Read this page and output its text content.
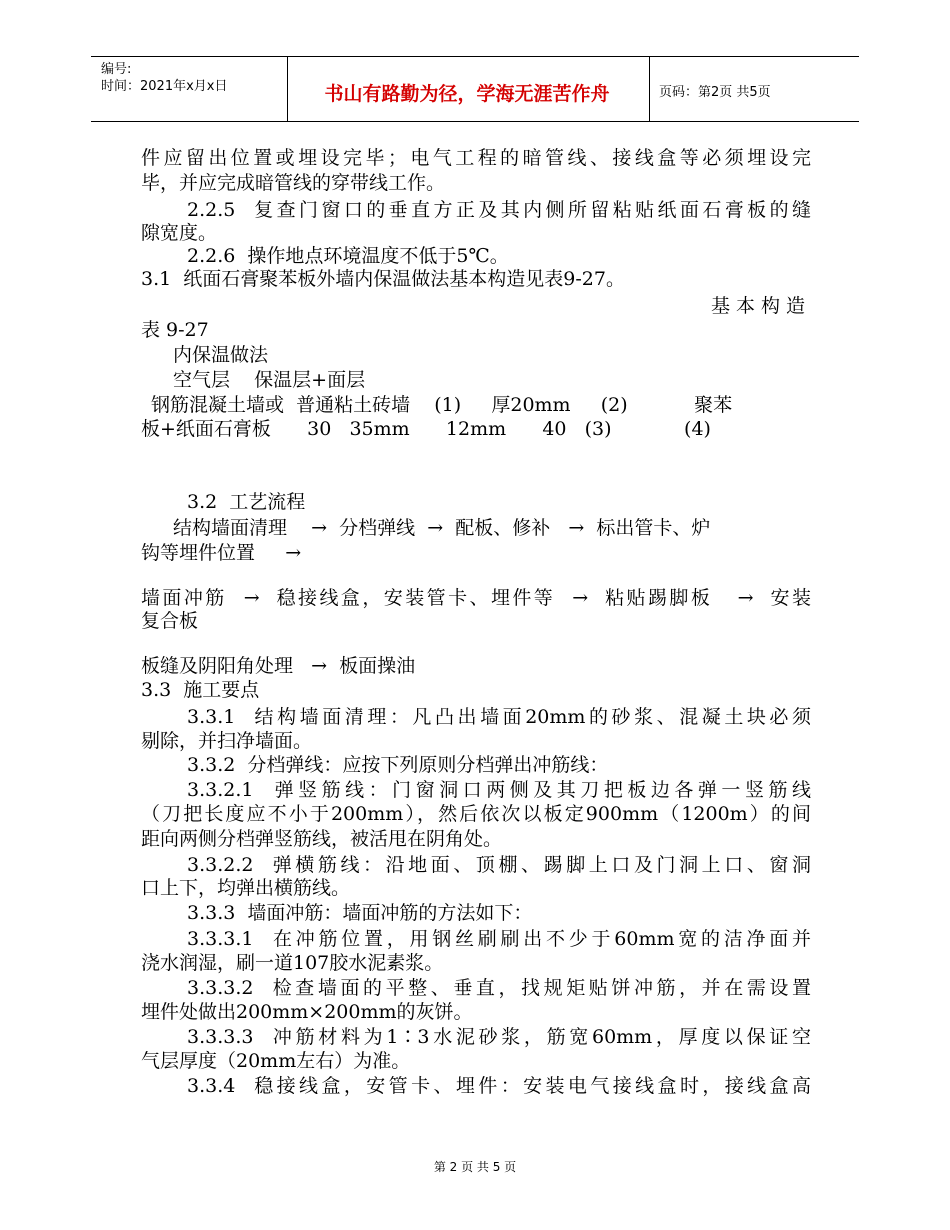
编号:
时间：2021年x月x日	书山有路勤为径，学海无涯苦作舟	页码：第2页 共5页
件应留出位置或埋设完毕；电气工程的暗管线、接线盒等必须埋设完
毕，并应完成暗管线的穿带线工作。
2.2.5  复查门窗口的垂直方正及其内侧所留粘贴纸面石膏板的缝
隙宽度。
2.2.6  操作地点环境温度不低于5℃。
3.1  纸面石膏聚苯板外墙内保温做法基本构造见表9-27。
基本构造
表 9-27
内保温做法
空气层    保温层+面层
钢筋混凝土墙或  普通粘土砖墙    (1)     厚20mm     (2)           聚苯
板+纸面石膏板      30   35mm      12mm      40   (3)            (4)
3.2  工艺流程
结构墙面清理    →  分档弹线  →  配板、修补   →  标出管卡、炉
钩等埋件位置     →
墙面冲筋  →  稳接线盒，安装管卡、埋件等  →  粘贴踢脚板   →  安装
复合板
板缝及阴阳角处理   →  板面操油
3.3  施工要点
3.3.1  结构墙面清理：凡凸出墙面20mm的砂浆、混凝土块必须
剔除，并扫净墙面。
3.3.2  分档弹线：应按下列原则分档弹出冲筋线：
3.3.2.1  弹竖筋线：门窗洞口两侧及其刀把板边各弹一竖筋线
（刀把长度应不小于200mm），然后依次以板定900mm（1200m）的间
距向两侧分档弹竖筋线，被活甩在阴角处。
3.3.2.2  弹横筋线：沿地面、顶棚、踢脚上口及门洞上口、窗洞
口上下，均弹出横筋线。
3.3.3  墙面冲筋：墙面冲筋的方法如下：
3.3.3.1  在冲筋位置，用钢丝刷刷出不少于60mm宽的洁净面并
浇水润湿，刷一道107胶水泥素浆。
3.3.3.2  检查墙面的平整、垂直，找规矩贴饼冲筋，并在需设置
埋件处做出200mm×200mm的灰饼。
3.3.3.3  冲筋材料为1∶3水泥砂浆，筋宽60mm，厚度以保证空
气层厚度（20mm左右）为准。
3.3.4  稳接线盒，安管卡、埋件：安装电气接线盒时，接线盒高
第 2 页 共 5 页
